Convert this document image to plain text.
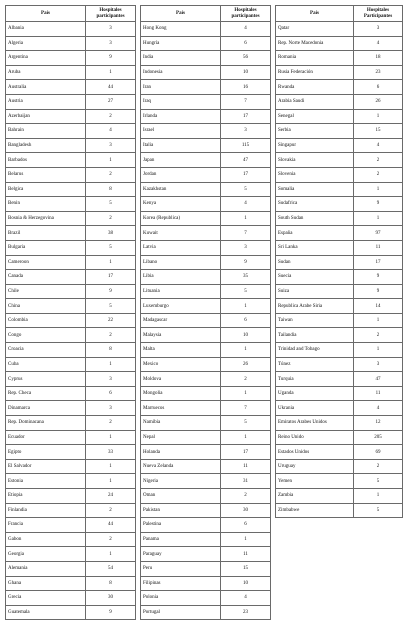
País	Hospitales participantes
Albania	3
Algeria	3
Argentina	9
Aruba	1
Australia	44
Austria	27
Azerbaijan	2
Bahrain	4
Bangladesh	3
Barbados	1
Belarus	2
Belgica	8
Benin	5
Bosnia & Herzegovina	2
Brazil	38
Bulgaria	5
Cameroon	1
Canada	17
Chile	9
China	5
Colombia	22
Congo	2
Croacia	8
Cuba	1
Cyprus	3
Rep. Checa	6
Dinamarca	3
Rep. Dominacana	2
Ecuador	1
Egipto	33
El Salvador	1
Estonia	1
Etiopia	24
Finlandia	2
Francia	44
Gabon	2
Georgia	1
Alemania	54
Ghana	8
Grecia	30
Guatemala	9
País	Hospitales participantes
Hong Kong	4
Hungría	6
India	56
Indonesia	10
Iran	16
Iraq	7
Irlanda	17
Israel	3
Italia	115
Japan	47
Jordan	17
Kazakhstan	5
Kenya	4
Korea (Republica)	1
Kuwait	7
Latvia	3
Libano	9
Libia	35
Lituania	5
Luxemburgo	1
Madagascar	6
Malaysia	10
Malta	1
Mexico	26
Moldova	2
Mongolia	1
Marruecos	7
Namibia	5
Nepal	1
Holanda	17
Nueva Zelanda	11
Nigeria	31
Oman	2
Pakistan	30
Palestina	6
Panama	1
Paraguay	11
Peru	15
Filipinas	10
Polonia	4
Portugal	23
País	Hospitales Participantes
Qatar	3
Rep. Norte Macedonia	4
Romania	18
Rusia Federación	23
Rwanda	6
Arabia Saudi	26
Senegal	1
Serbia	15
Singapur	4
Slovakia	2
Slovenia	2
Somalia	1
Sudafrica	9
South Sudan	1
España	97
Sri Lanka	11
Sudan	17
Suecia	9
Suiza	9
Republica Arabe Siria	14
Taiwan	1
Tailandia	2
Trinidad and Tobago	1
Túnez	3
Turquia	47
Uganda	11
Ukrania	4
Emiratos Arabes Unidos	12
Reino Unido	205
Estados Unidos	69
Uruguay	2
Yemen	5
Zambia	1
Zimbabwe	5
